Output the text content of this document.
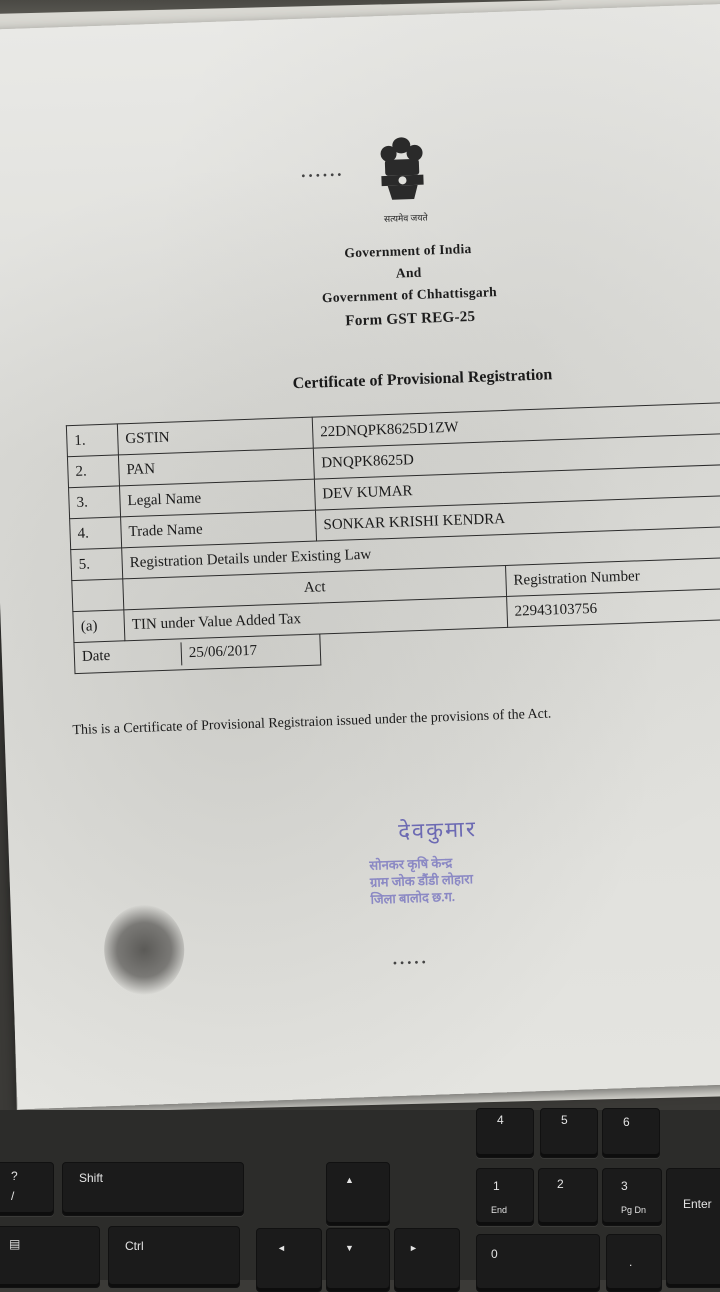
• • • • • •
सत्यमेव जयते
Government of India
And
Government of Chhattisgarh
Form GST REG-25
Certificate of Provisional Registration
1.	GSTIN	22DNQPK8625D1ZW	
2.	PAN	DNQPK8625D	
3.	Legal Name	DEV KUMAR	
4.	Trade Name	SONKAR KRISHI KENDRA	
5.	Registration Details under Existing Law		
	Act		Registration Number
(a)	TIN under Value Added Tax		22943103756

Date 25/06/2017			

This is a Certificate of Provisional Registraion issued under the provisions of the Act.
देवकुमार
सोनकर कृषि केन्द्र
ग्राम जोक डौंडी लोहारा
जिला बालोद छ.ग.
• • • • •
?
/
Shift
▤	Ctrl
▲
◄	▼	►
4	5	6
1
End
2	3
Pg Dn	Enter
0
.
